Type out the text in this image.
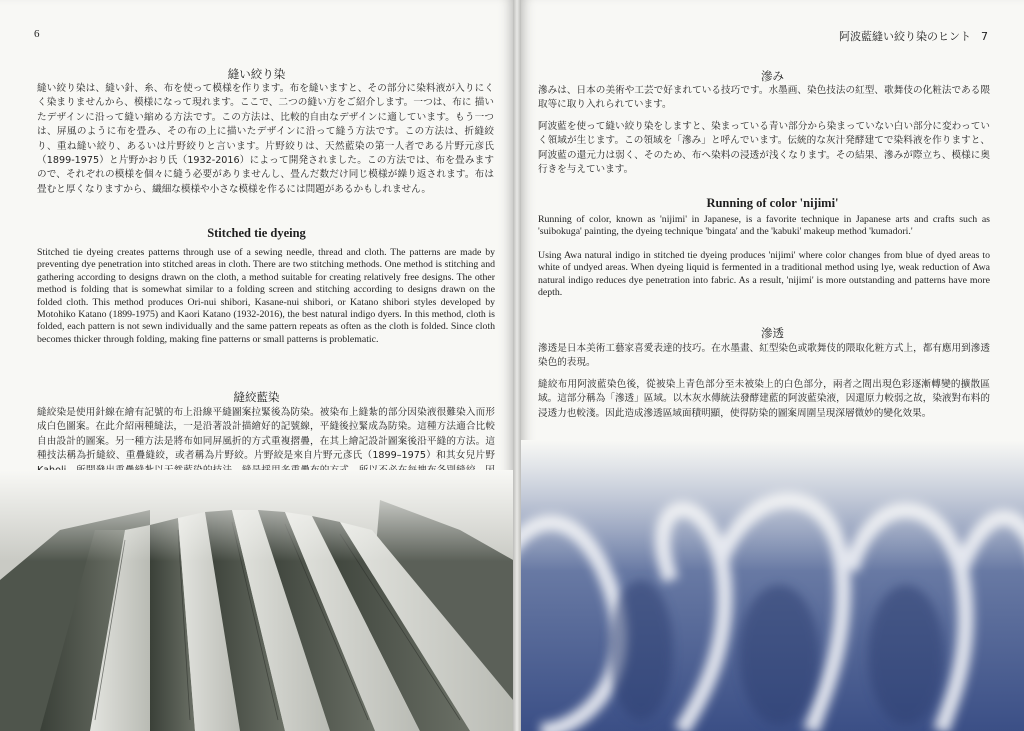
6
縫い絞り染

縫い絞り染は、縫い針、糸、布を使って模様を作ります。布を縫いますと、その部分に染料液が入りにくく染まりませんから、模様になって現れます。ここで、二つの縫い方をご紹介します。一つは、布に 描いたデザインに沿って縫い縮める方法です。この方法は、比較的自由なデザインに適しています。もう一つは、屏風のように布を畳み、その布の上に描いたデザインに沿って縫う方法です。この方法は、折縫絞り、重ね縫い絞り、あるいは片野絞りと言います。片野絞りは、天然藍染の第一人者である片野元彦氏（1899-1975）と片野かおり氏（1932-2016）によって開発されました。この方法では、布を畳みますので、それぞれの模様を個々に縫う必要がありませんし、畳んだ数だけ同じ模様が繰り返されます。布は畳むと厚くなりますから、繊細な模様や小さな模様を作るには問題があるかもしれません。

Stitched tie dyeing

Stitched tie dyeing creates patterns through use of a sewing needle, thread and cloth. The patterns are made by preventing dye penetration into stitched areas in cloth. There are two stitching methods. One method is stitching and gathering according to designs drawn on the cloth, a method suitable for creating relatively free designs. The other method is folding that is somewhat similar to a folding screen and stitching according to designs drawn on the folded cloth. This method produces Ori-nui shibori, Kasane-nui shibori, or Katano shibori styles developed by Motohiko Katano (1899-1975) and Kaori Katano (1932-2016), the best natural indigo dyers. In this method, cloth is folded, each pattern is not sewn individually and the same pattern repeats as often as the cloth is folded. Since cloth becomes thicker through folding, making fine patterns or small patterns is problematic.

縫絞藍染

縫絞染是使用針線在繪有記號的布上沿線平縫圖案拉緊後為防染。被染布上縫紮的部分因染液很難染入而形成白色圖案。在此介紹兩種縫法，一是沿著設計描繪好的記號線，平縫後拉緊成為防染。這種方法適合比較自由設計的圖案。另一種方法是將布如同屏風折的方式重複摺疊，在其上繪記設計圖案後沿平縫的方法。這種技法稱為折縫絞、重疊縫絞，或者稱為片野絞。片野絞是來自片野元彥氏（1899–1975）和其女兒片野

阿波藍縫い絞り染のヒント 7
滲み

滲みは、日本の美術や工芸で好まれている技巧です。水墨画、染色技法の紅型、歌舞伎の化粧法である隈取等に取り入れられています。

阿波藍を使って縫い絞り染をしますと、染まっている青い部分から染まっていない白い部分に変わっていく領域が生じます。この領域を「滲み」と呼んでいます。伝統的な灰汁発酵建てで染料液を作りますと、阿波藍の還元力は弱く、そのため、布へ染料の浸透が浅くなります。その結果、滲みが際立ち、模様に奥行きを与えています。

Running of color 'nijimi'

Running of color, known as 'nijimi' in Japanese, is a favorite technique in Japanese arts and crafts such as 'suibokuga' painting, the dyeing technique 'bingata' and the 'kabuki' makeup method 'kumadori.'

Using Awa natural indigo in stitched tie dyeing produces 'nijimi' where color changes from blue of dyed areas to white of undyed areas. When dyeing liquid is fermented in a traditional method using lye, weak reduction of Awa natural indigo reduces dye penetration into fabric. As a result, 'nijimi' is more outstanding and patterns have more depth.

滲透

滲透是日本美術工藝家喜愛表達的技巧。在水墨畫、紅型染色或歌舞伎的隈取化粧方式上，都有應用到滲透染色的表現。

縫絞布用阿波藍染色後，從被染上青色部分至未被染上的白色部分，兩者之間出現色彩逐漸轉變的擴散區域。這部分稱為「滲透」區域。以木灰水傳統法發酵建藍的阿波藍染液，因還原力較弱之故，染液對布料的浸透力也較淺。因此造成滲透區域面積明顯，使得防染的圖案周圍呈現深層微妙的變化效果。
